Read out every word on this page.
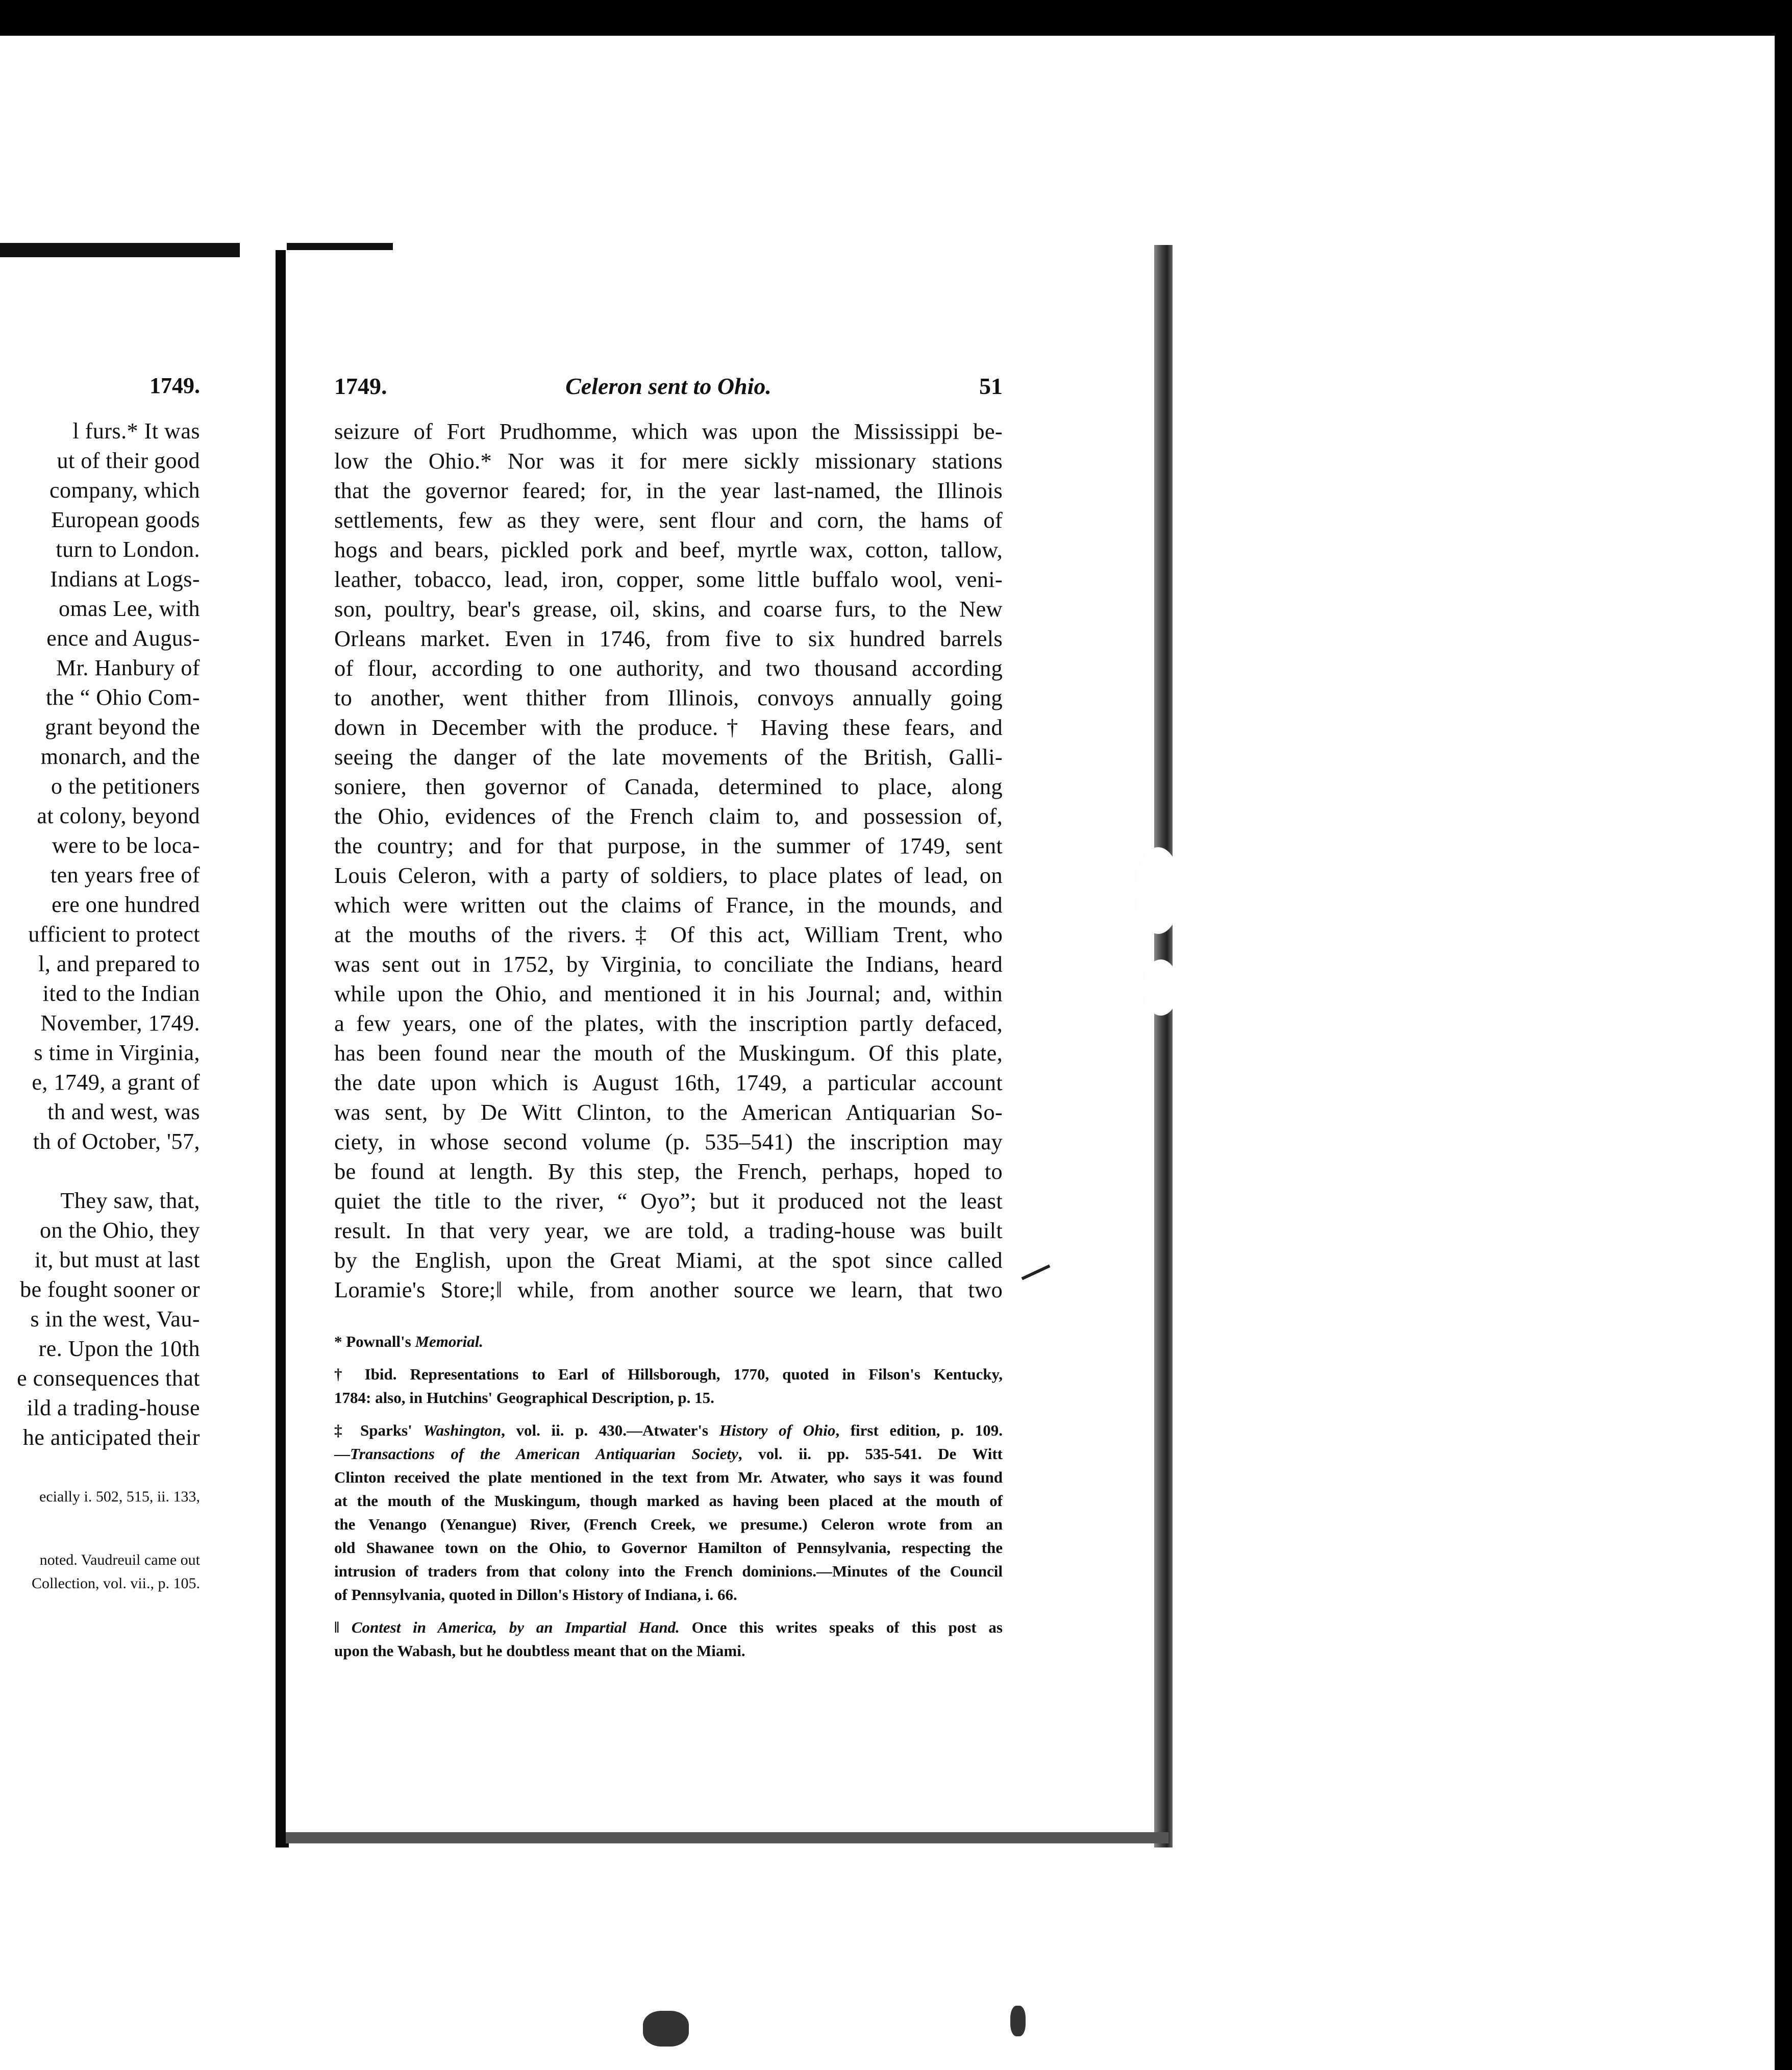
1749.
l furs.* It was
ut of their good
company, which
European goods
turn to London.
Indians at Logs-
omas Lee, with
ence and Augus-
Mr. Hanbury of
the “ Ohio Com-
grant beyond the
monarch, and the
o the petitioners
at colony, beyond
were to be loca-
ten years free of
ere one hundred
ufficient to protect
l, and prepared to
ited to the Indian
November, 1749.
s time in Virginia,
e, 1749, a grant of
th and west, was
th of October, '57,
They saw, that,
on the Ohio, they
it, but must at last
be fought sooner or
s in the west, Vau-
re. Upon the 10th
e consequences that
ild a trading-house
he anticipated their
ecially i. 502, 515, ii. 133,
noted. Vaudreuil came out
Collection, vol. vii., p. 105.
1749.	Celeron sent to Ohio.	51
seizure of Fort Prudhomme, which was upon the Mississippi be-
low the Ohio.* Nor was it for mere sickly missionary stations
that the governor feared; for, in the year last-named, the Illinois
settlements, few as they were, sent flour and corn, the hams of
hogs and bears, pickled pork and beef, myrtle wax, cotton, tallow,
leather, tobacco, lead, iron, copper, some little buffalo wool, veni-
son, poultry, bear's grease, oil, skins, and coarse furs, to the New
Orleans market. Even in 1746, from five to six hundred barrels
of flour, according to one authority, and two thousand according
to another, went thither from Illinois, convoys annually going
down in December with the produce.† Having these fears, and
seeing the danger of the late movements of the British, Galli-
soniere, then governor of Canada, determined to place, along
the Ohio, evidences of the French claim to, and possession of,
the country; and for that purpose, in the summer of 1749, sent
Louis Celeron, with a party of soldiers, to place plates of lead, on
which were written out the claims of France, in the mounds, and
at the mouths of the rivers.‡ Of this act, William Trent, who
was sent out in 1752, by Virginia, to conciliate the Indians, heard
while upon the Ohio, and mentioned it in his Journal; and, within
a few years, one of the plates, with the inscription partly defaced,
has been found near the mouth of the Muskingum. Of this plate,
the date upon which is August 16th, 1749, a particular account
was sent, by De Witt Clinton, to the American Antiquarian So-
ciety, in whose second volume (p. 535–541) the inscription may
be found at length. By this step, the French, perhaps, hoped to
quiet the title to the river, “ Oyo”; but it produced not the least
result. In that very year, we are told, a trading-house was built
by the English, upon the Great Miami, at the spot since called
Loramie's Store;‖ while, from another source we learn, that two
* Pownall's Memorial.
† Ibid. Representations to Earl of Hillsborough, 1770, quoted in Filson's Kentucky,
1784: also, in Hutchins' Geographical Description, p. 15.
‡ Sparks' Washington, vol. ii. p. 430.—Atwater's History of Ohio, first edition, p. 109.
—Transactions of the American Antiquarian Society, vol. ii. pp. 535-541. De Witt
Clinton received the plate mentioned in the text from Mr. Atwater, who says it was found
at the mouth of the Muskingum, though marked as having been placed at the mouth of
the Venango (Yenangue) River, (French Creek, we presume.) Celeron wrote from an
old Shawanee town on the Ohio, to Governor Hamilton of Pennsylvania, respecting the
intrusion of traders from that colony into the French dominions.—Minutes of the Council
of Pennsylvania, quoted in Dillon's History of Indiana, i. 66.
‖ Contest in America, by an Impartial Hand. Once this writes speaks of this post as
upon the Wabash, but he doubtless meant that on the Miami.
